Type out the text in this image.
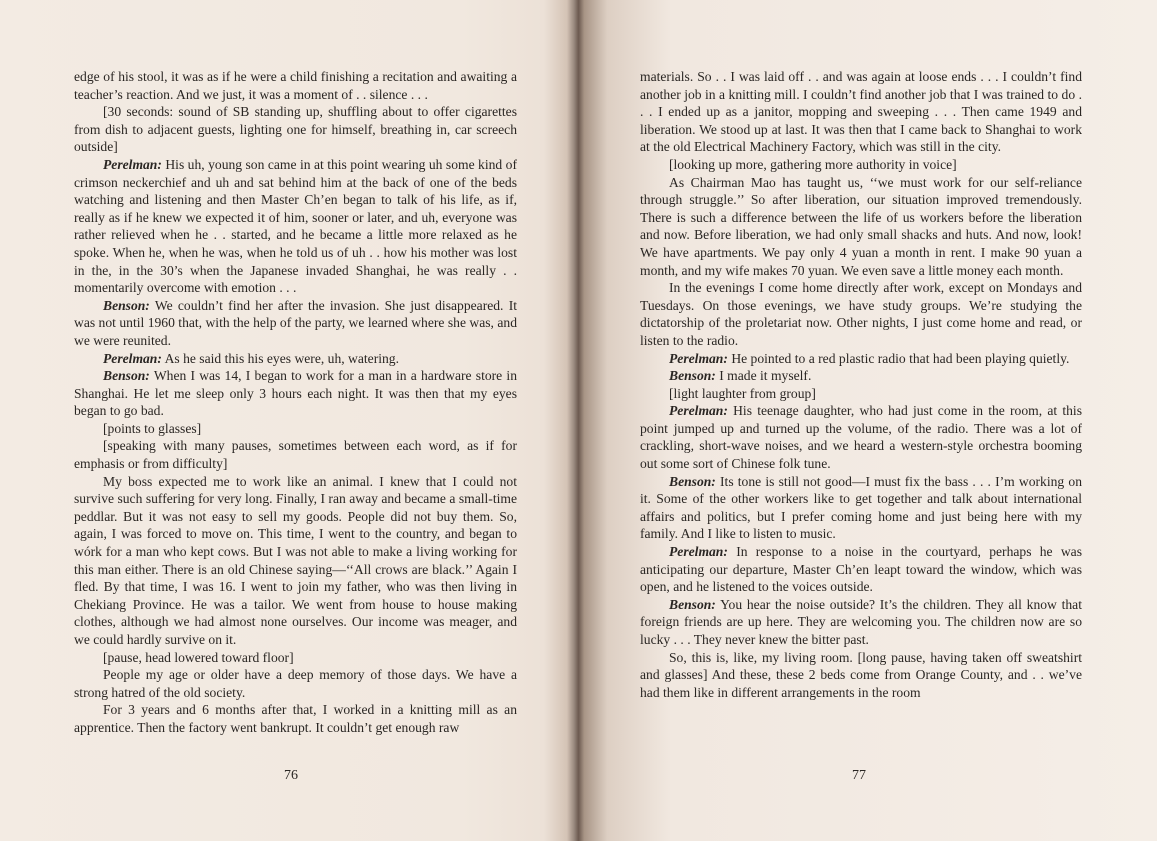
edge of his stool, it was as if he were a child finishing a recitation and awaiting a teacher’s reaction. And we just, it was a moment of . . silence . . .

[30 seconds: sound of SB standing up, shuffling about to offer cigarettes from dish to adjacent guests, lighting one for himself, breathing in, car screech outside]

Perelman: His uh, young son came in at this point wearing uh some kind of crimson neckerchief and uh and sat behind him at the back of one of the beds watching and listening and then Master Ch’en began to talk of his life, as if, really as if he knew we expected it of him, sooner or later, and uh, everyone was rather relieved when he . . started, and he became a little more relaxed as he spoke. When he, when he was, when he told us of uh . . how his mother was lost in the, in the 30’s when the Japanese invaded Shanghai, he was really . . momentarily overcome with emotion . . .

Benson: We couldn’t find her after the invasion. She just disappeared. It was not until 1960 that, with the help of the party, we learned where she was, and we were reunited.

Perelman: As he said this his eyes were, uh, watering.

Benson: When I was 14, I began to work for a man in a hardware store in Shanghai. He let me sleep only 3 hours each night. It was then that my eyes began to go bad.

[points to glasses]

[speaking with many pauses, sometimes between each word, as if for emphasis or from difficulty]

My boss expected me to work like an animal. I knew that I could not survive such suffering for very long. Finally, I ran away and became a small-time peddlar. But it was not easy to sell my goods. People did not buy them. So, again, I was forced to move on. This time, I went to the country, and began to wórk for a man who kept cows. But I was not able to make a living working for this man either. There is an old Chinese saying—‘‘All crows are black.’’ Again I fled. By that time, I was 16. I went to join my father, who was then living in Chekiang Province. He was a tailor. We went from house to house making clothes, although we had almost none ourselves. Our income was meager, and we could hardly survive on it.

[pause, head lowered toward floor]

People my age or older have a deep memory of those days. We have a strong hatred of the old society.

For 3 years and 6 months after that, I worked in a knitting mill as an apprentice. Then the factory went bankrupt. It couldn’t get enough raw

76

materials. So . . I was laid off . . and was again at loose ends . . . I couldn’t find another job in a knitting mill. I couldn’t find another job that I was trained to do . . . I ended up as a janitor, mopping and sweeping . . . Then came 1949 and liberation. We stood up at last. It was then that I came back to Shanghai to work at the old Electrical Machinery Factory, which was still in the city.

[looking up more, gathering more authority in voice]

As Chairman Mao has taught us, ‘‘we must work for our self-reliance through struggle.’’ So after liberation, our situation improved tremendously. There is such a difference between the life of us workers before the liberation and now. Before liberation, we had only small shacks and huts. And now, look! We have apartments. We pay only 4 yuan a month in rent. I make 90 yuan a month, and my wife makes 70 yuan. We even save a little money each month.

In the evenings I come home directly after work, except on Mondays and Tuesdays. On those evenings, we have study groups. We’re studying the dictatorship of the proletariat now. Other nights, I just come home and read, or listen to the radio.

Perelman: He pointed to a red plastic radio that had been playing quietly.

Benson: I made it myself.

[light laughter from group]

Perelman: His teenage daughter, who had just come in the room, at this point jumped up and turned up the volume, of the radio. There was a lot of crackling, short-wave noises, and we heard a western-style orchestra booming out some sort of Chinese folk tune.

Benson: Its tone is still not good—I must fix the bass . . . I’m working on it. Some of the other workers like to get together and talk about international affairs and politics, but I prefer coming home and just being here with my family. And I like to listen to music.

Perelman: In response to a noise in the courtyard, perhaps he was anticipating our departure, Master Ch’en leapt toward the window, which was open, and he listened to the voices outside.

Benson: You hear the noise outside? It’s the children. They all know that foreign friends are up here. They are welcoming you. The children now are so lucky . . . They never knew the bitter past.

So, this is, like, my living room. [long pause, having taken off sweatshirt and glasses] And these, these 2 beds come from Orange County, and . . we’ve had them like in different arrangements in the room

77
